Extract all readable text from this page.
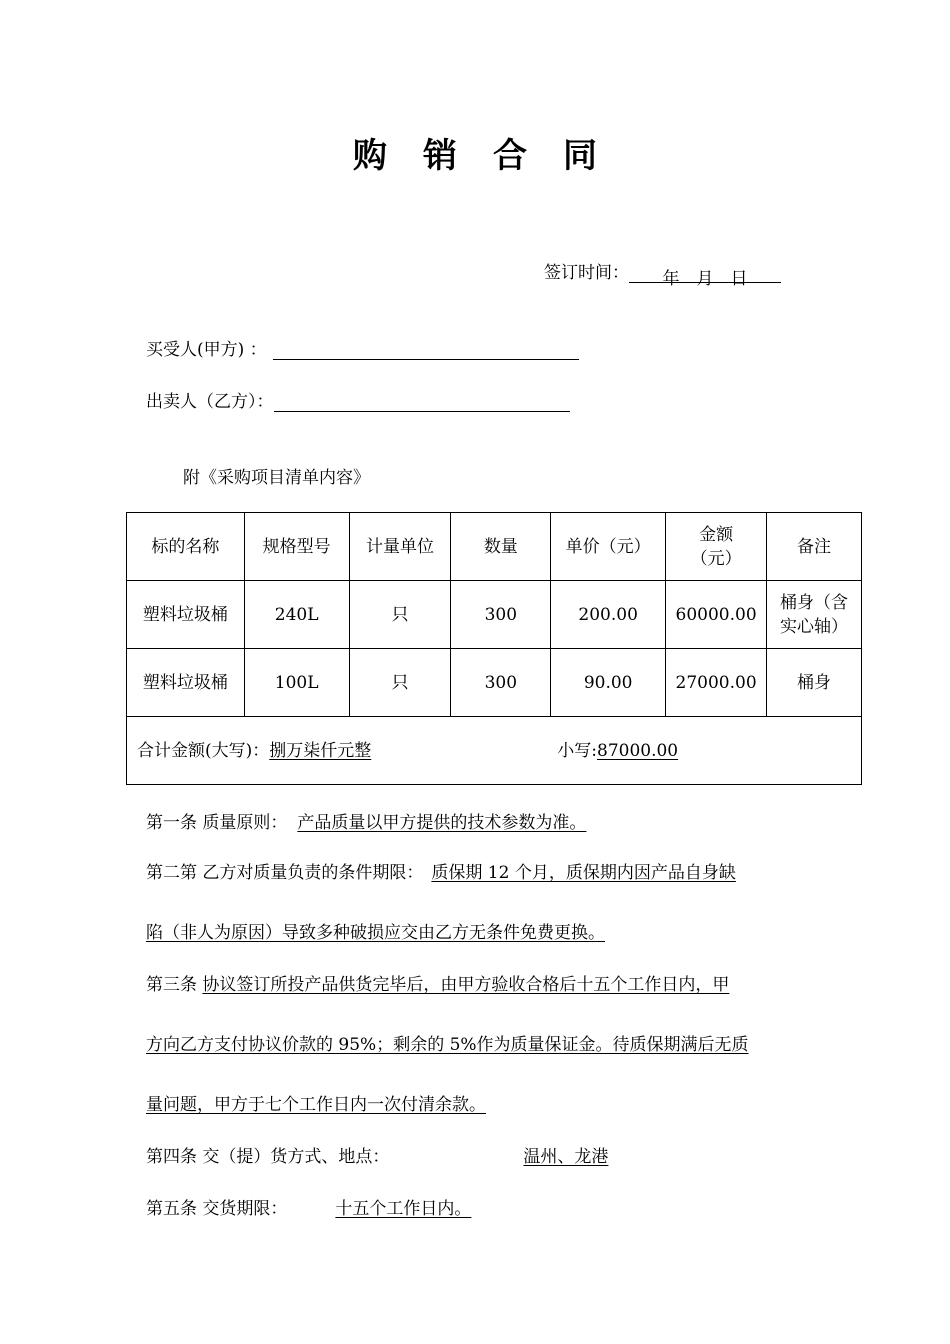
购 销 合 同
签订时间： 年　月　日
买受人(甲方) ：
出卖人（乙方）：
附《采购项目清单内容》
标的名称	规格型号	计量单位	数量	单价（元）	金额（元）	备注
塑料垃圾桶	240L	只	300	200.00	60000.00	桶身（含实心轴）
塑料垃圾桶	100L	只	300	90.00	27000.00	桶身
合计金额(大写)：捌万柒仟元整 小写:87000.00						
第一条 质量原则： 产品质量以甲方提供的技术参数为准。
第二第 乙方对质量负责的条件期限： 质保期 12 个月，质保期内因产品自身缺
陷（非人为原因）导致多种破损应交由乙方无条件免费更换。
第三条 协议签订所投产品供货完毕后，由甲方验收合格后十五个工作日内，甲
方向乙方支付协议价款的 95%；剩余的 5%作为质量保证金。待质保期满后无质
量问题，甲方于七个工作日内一次付清余款。
第四条 交（提）货方式、地点：	温州、龙港
第五条 交货期限：	十五个工作日内。
